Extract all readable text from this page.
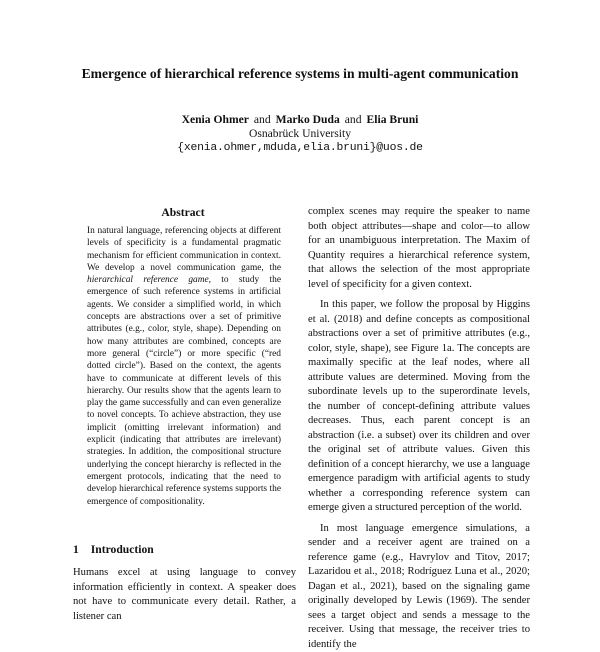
Emergence of hierarchical reference systems in multi-agent communication
Xenia Ohmer and Marko Duda and Elia Bruni
Osnabrück University
{xenia.ohmer,mduda,elia.bruni}@uos.de
Abstract

In natural language, referencing objects at different levels of specificity is a fundamental pragmatic mechanism for efficient communication in context. We develop a novel communication game, the hierarchical reference game, to study the emergence of such reference systems in artificial agents. We consider a simplified world, in which concepts are abstractions over a set of primitive attributes (e.g., color, style, shape). Depending on how many attributes are combined, concepts are more general (“circle”) or more specific (“red dotted circle”). Based on the context, the agents have to communicate at different levels of this hierarchy. Our results show that the agents learn to play the game successfully and can even generalize to novel concepts. To achieve abstraction, they use implicit (omitting irrelevant information) and explicit (indicating that attributes are irrelevant) strategies. In addition, the compositional structure underlying the concept hierarchy is reflected in the emergent protocols, indicating that the need to develop hierarchical reference systems supports the emergence of compositionality.

1 Introduction

Humans excel at using language to convey information efficiently in context. A speaker does not have to communicate every detail. Rather, a listener can

complex scenes may require the speaker to name both object attributes—shape and color—to allow for an unambiguous interpretation. The Maxim of Quantity requires a hierarchical reference system, that allows the selection of the most appropriate level of specificity for a given context.

In this paper, we follow the proposal by Higgins et al. (2018) and define concepts as compositional abstractions over a set of primitive attributes (e.g., color, style, shape), see Figure 1a. The concepts are maximally specific at the leaf nodes, where all attribute values are determined. Moving from the subordinate levels up to the superordinate levels, the number of concept-defining attribute values decreases. Thus, each parent concept is an abstraction (i.e. a subset) over its children and over the original set of attribute values. Given this definition of a concept hierarchy, we use a language emergence paradigm with artificial agents to study whether a corresponding reference system can emerge given a structured perception of the world.

In most language emergence simulations, a sender and a receiver agent are trained on a reference game (e.g., Havrylov and Titov, 2017; Lazaridou et al., 2018; Rodríguez Luna et al., 2020; Dagan et al., 2021), based on the signaling game originally developed by Lewis (1969). The sender sees a target object and sends a message to the receiver. Using that message, the receiver tries to identify the
